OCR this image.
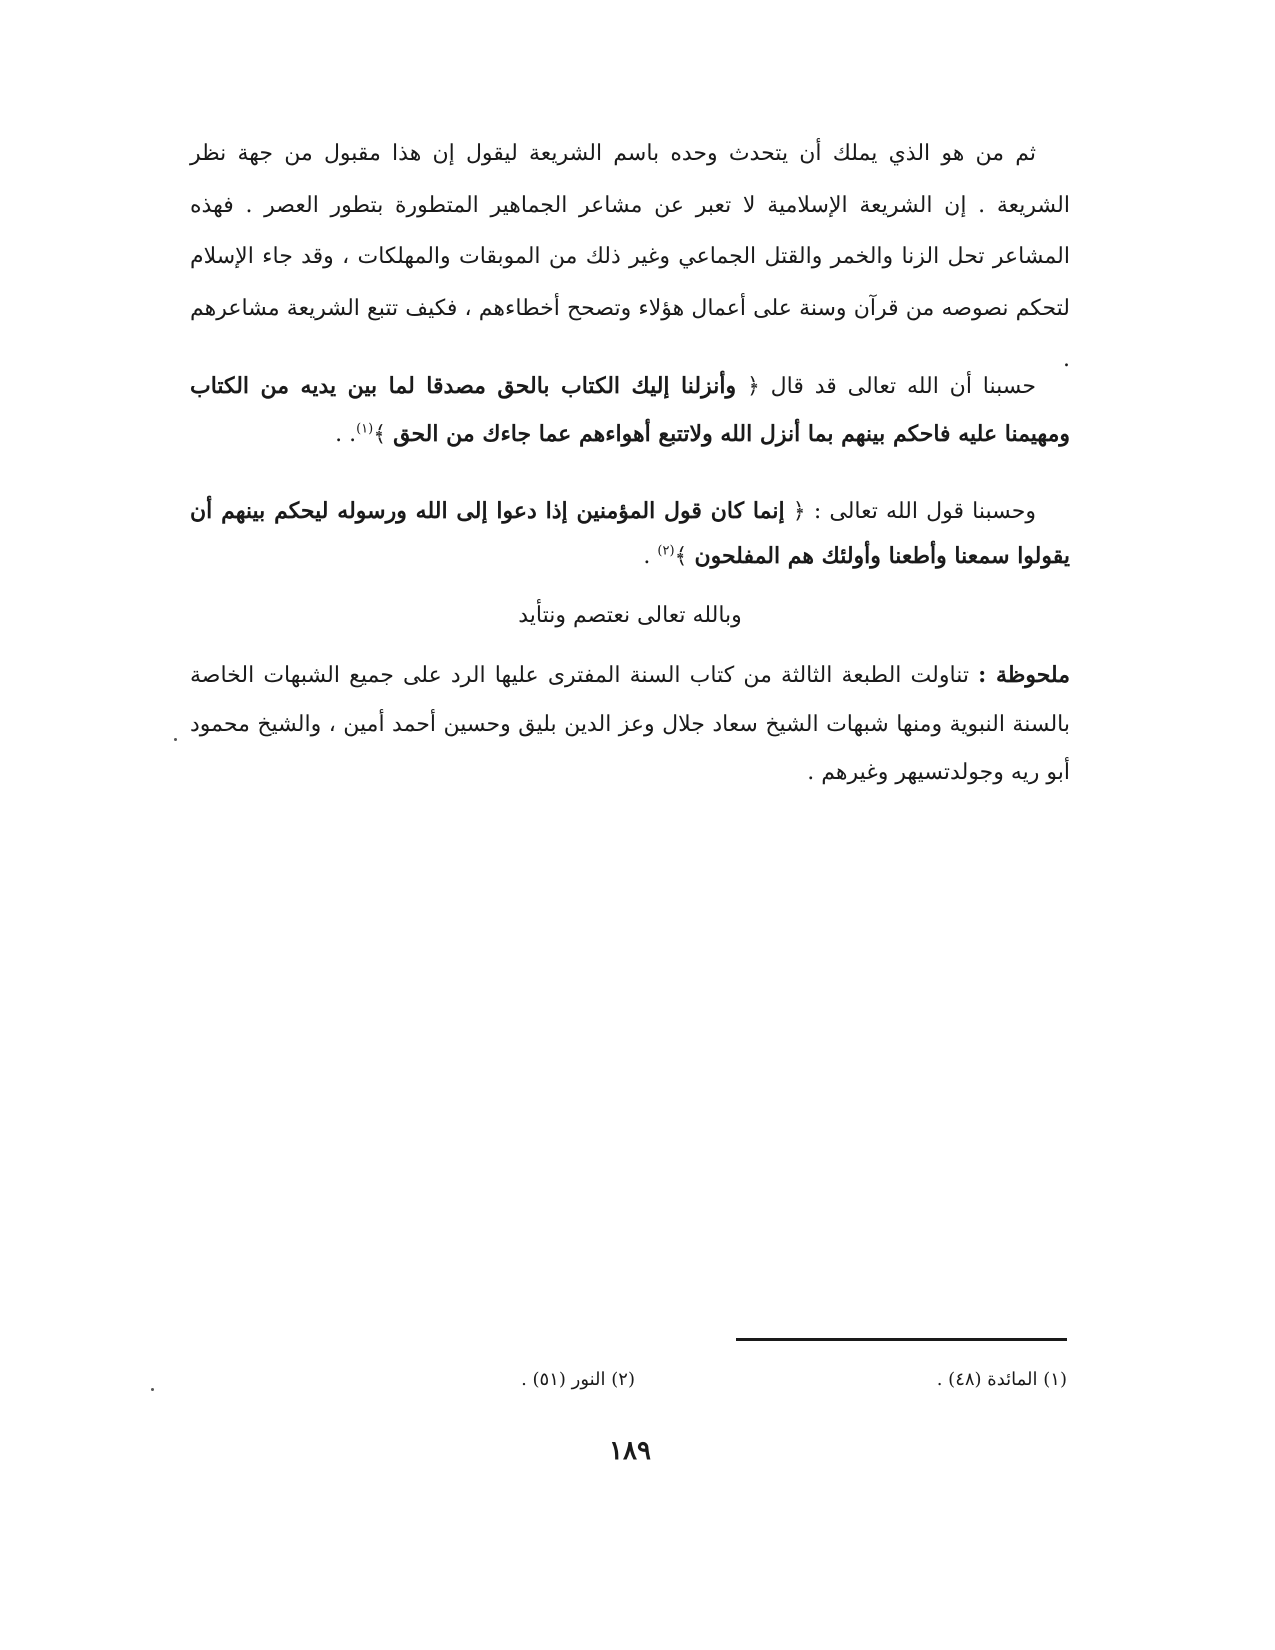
ثم من هو الذي يملك أن يتحدث وحده باسم الشريعة ليقول إن هذا مقبول من جهة نظر الشريعة . إن الشريعة الإسلامية لا تعبر عن مشاعر الجماهير المتطورة بتطور العصر . فهذه المشاعر تحل الزنا والخمر والقتل الجماعي وغير ذلك من الموبقات والمهلكات ، وقد جاء الإسلام لتحكم نصوصه من قرآن وسنة على أعمال هؤلاء وتصحح أخطاءهم ، فكيف تتبع الشريعة مشاعرهم .

حسبنا أن الله تعالى قد قال ﴿ وأنزلنا إليك الكتاب بالحق مصدقا لما بين يديه من الكتاب ومهيمنا عليه فاحكم بينهم بما أنزل الله ولاتتبع أهواءهم عما جاءك من الحق ﴾$^{(١)}$. .

وحسبنا قول الله تعالى : ﴿ إنما كان قول المؤمنين إذا دعوا إلى الله ورسوله ليحكم بينهم أن يقولوا سمعنا وأطعنا وأولئك هم المفلحون ﴾$^{(٢)}$ .

وبالله تعالى نعتصم ونتأيد

ملحوظة : تناولت الطبعة الثالثة من كتاب السنة المفترى عليها الرد على جميع الشبهات الخاصة بالسنة النبوية ومنها شبهات الشيخ سعاد جلال وعز الدين بليق وحسين أحمد أمين ، والشيخ محمود أبو ريه وجولدتسيهر وغيرهم .

(١) المائدة (٤٨) .
(٢) النور (٥١) .
١٨٩
